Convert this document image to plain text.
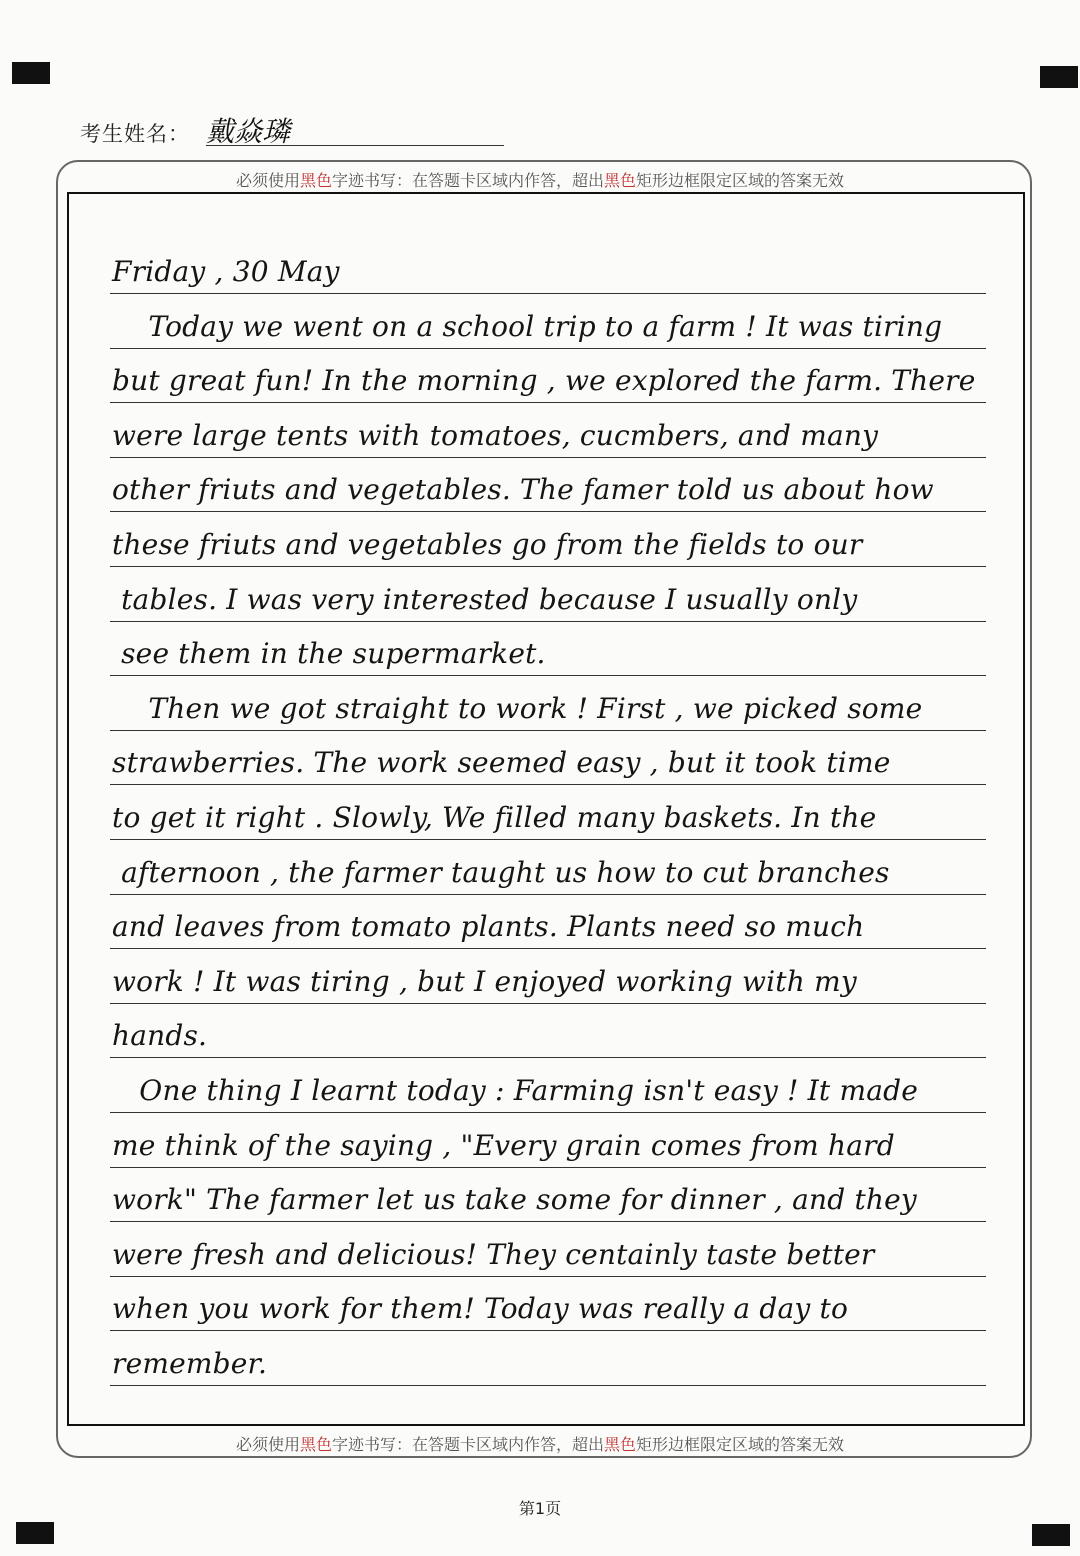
考生姓名： 戴焱璘
必须使用黑色字迹书写：在答题卡区域内作答，超出黑色矩形边框限定区域的答案无效
Friday , 30 May
Today we went on a school trip to a farm ! It was tiring
but great fun! In the morning , we explored the farm. There
were large tents with tomatoes, cucmbers, and many
other friuts and vegetables. The famer told us about how
these friuts and vegetables go from the fields to our
tables. I was very interested because I usually only
see them in the supermarket.
Then we got straight to work ! First , we picked some
strawberries. The work seemed easy , but it took time
to get it right . Slowly, We filled many baskets. In the
afternoon , the farmer taught us how to cut branches
and leaves from tomato plants. Plants need so much
work ! It was tiring , but I enjoyed working with my
hands.
One thing I learnt today : Farming isn't easy ! It made
me think of the saying , "Every grain comes from hard
work" The farmer let us take some for dinner , and they
were fresh and delicious! They centainly taste better
when you work for them! Today was really a day to
remember.
必须使用黑色字迹书写：在答题卡区域内作答，超出黑色矩形边框限定区域的答案无效
第1页
